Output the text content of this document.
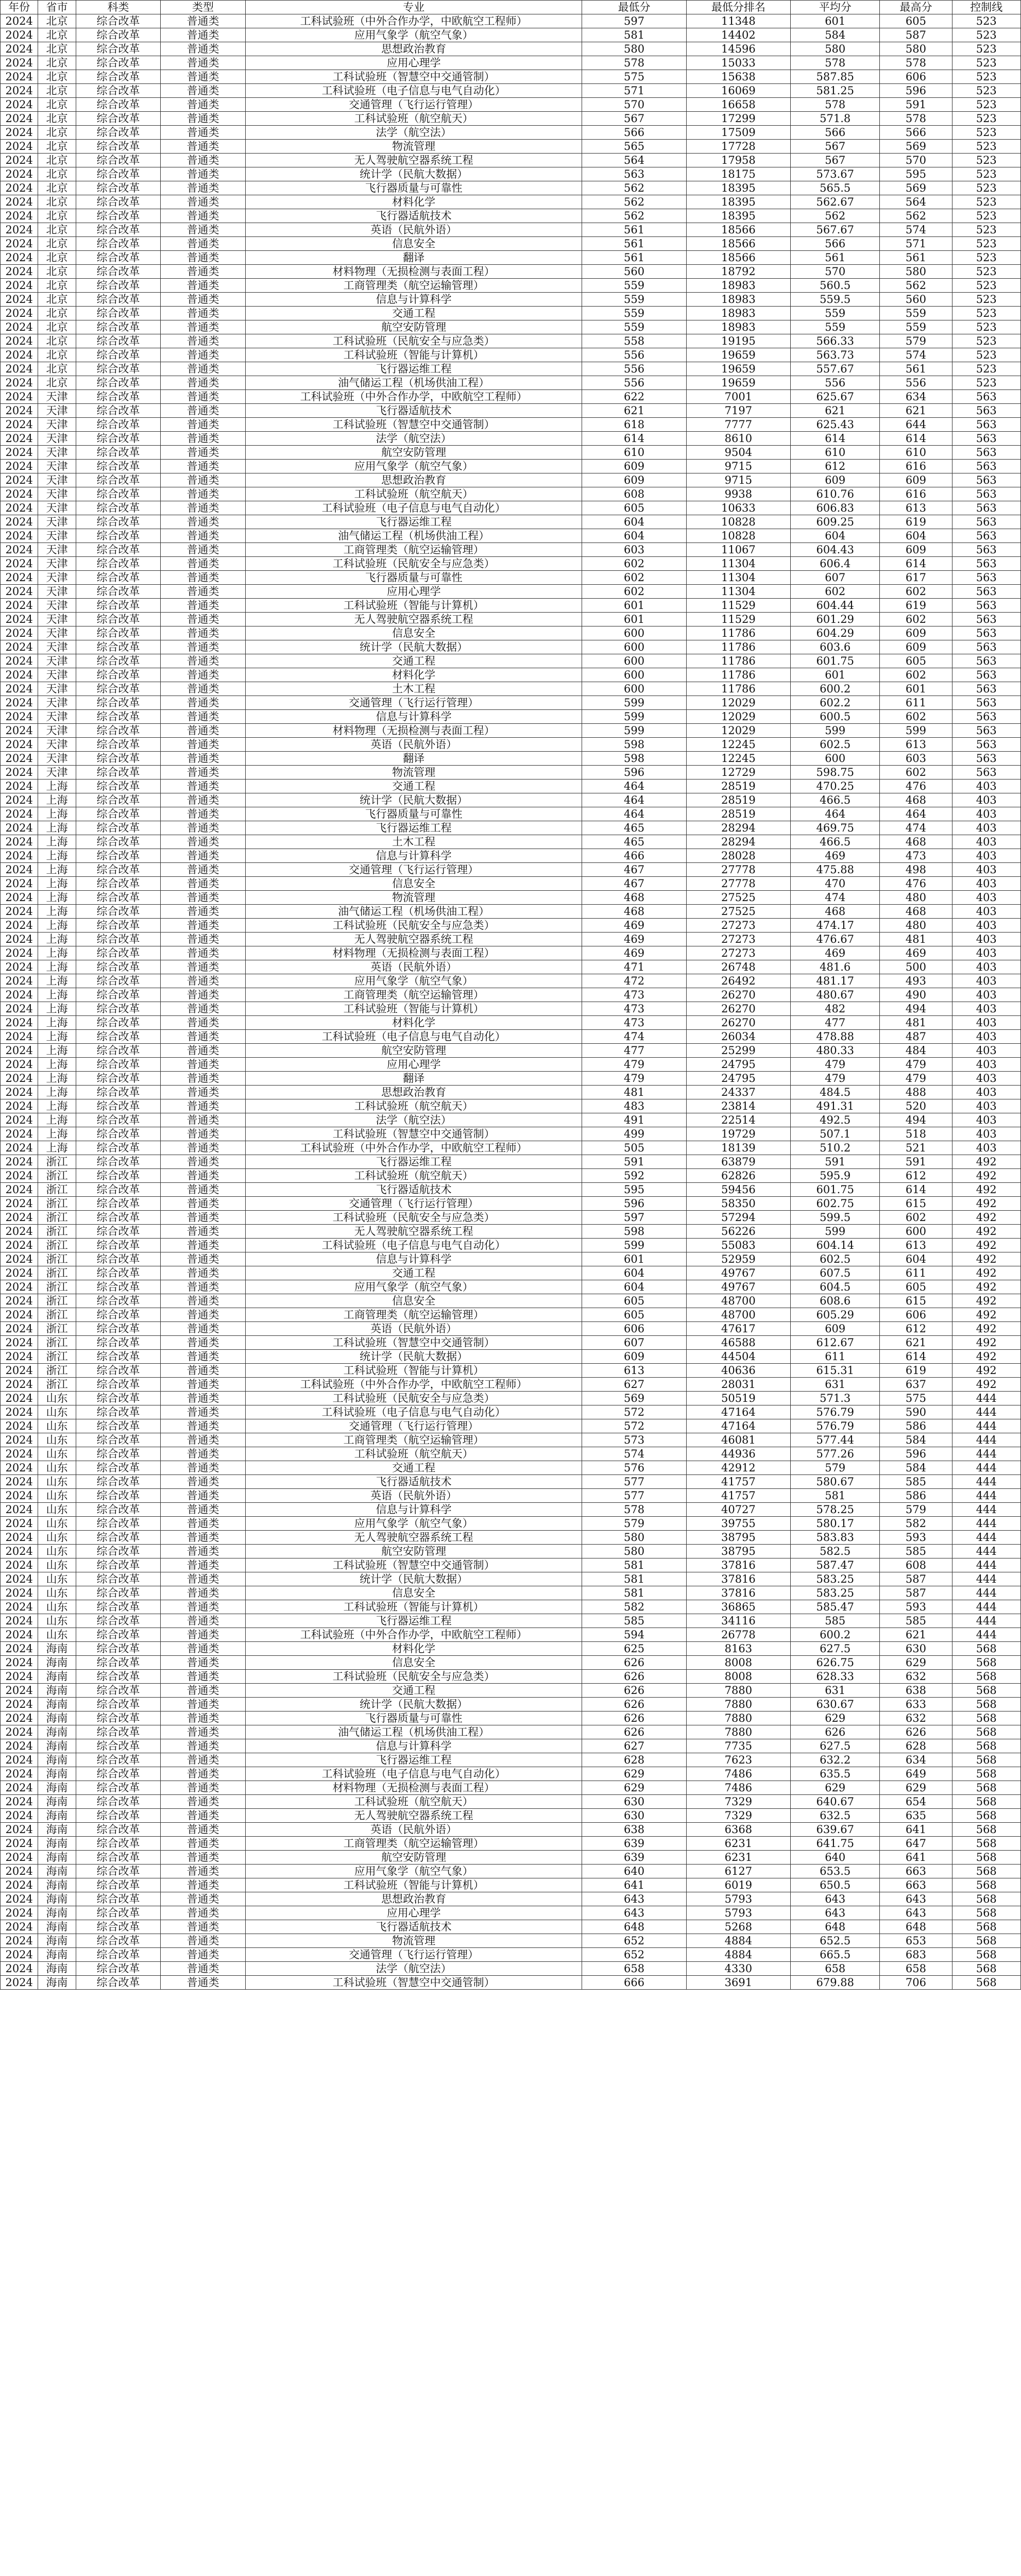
年份	省市	科类	类型	专业	最低分	最低分排名	平均分	最高分	控制线
2024	北京	综合改革	普通类	工科试验班（中外合作办学，中欧航空工程师）	597	11348	601	605	523
2024	北京	综合改革	普通类	应用气象学（航空气象）	581	14402	584	587	523
2024	北京	综合改革	普通类	思想政治教育	580	14596	580	580	523
2024	北京	综合改革	普通类	应用心理学	578	15033	578	578	523
2024	北京	综合改革	普通类	工科试验班（智慧空中交通管制）	575	15638	587.85	606	523
2024	北京	综合改革	普通类	工科试验班（电子信息与电气自动化）	571	16069	581.25	596	523
2024	北京	综合改革	普通类	交通管理（飞行运行管理）	570	16658	578	591	523
2024	北京	综合改革	普通类	工科试验班（航空航天）	567	17299	571.8	578	523
2024	北京	综合改革	普通类	法学（航空法）	566	17509	566	566	523
2024	北京	综合改革	普通类	物流管理	565	17728	567	569	523
2024	北京	综合改革	普通类	无人驾驶航空器系统工程	564	17958	567	570	523
2024	北京	综合改革	普通类	统计学（民航大数据）	563	18175	573.67	595	523
2024	北京	综合改革	普通类	飞行器质量与可靠性	562	18395	565.5	569	523
2024	北京	综合改革	普通类	材料化学	562	18395	562.67	564	523
2024	北京	综合改革	普通类	飞行器适航技术	562	18395	562	562	523
2024	北京	综合改革	普通类	英语（民航外语）	561	18566	567.67	574	523
2024	北京	综合改革	普通类	信息安全	561	18566	566	571	523
2024	北京	综合改革	普通类	翻译	561	18566	561	561	523
2024	北京	综合改革	普通类	材料物理（无损检测与表面工程）	560	18792	570	580	523
2024	北京	综合改革	普通类	工商管理类（航空运输管理）	559	18983	560.5	562	523
2024	北京	综合改革	普通类	信息与计算科学	559	18983	559.5	560	523
2024	北京	综合改革	普通类	交通工程	559	18983	559	559	523
2024	北京	综合改革	普通类	航空安防管理	559	18983	559	559	523
2024	北京	综合改革	普通类	工科试验班（民航安全与应急类）	558	19195	566.33	579	523
2024	北京	综合改革	普通类	工科试验班（智能与计算机）	556	19659	563.73	574	523
2024	北京	综合改革	普通类	飞行器运维工程	556	19659	557.67	561	523
2024	北京	综合改革	普通类	油气储运工程（机场供油工程）	556	19659	556	556	523
2024	天津	综合改革	普通类	工科试验班（中外合作办学，中欧航空工程师）	622	7001	625.67	634	563
2024	天津	综合改革	普通类	飞行器适航技术	621	7197	621	621	563
2024	天津	综合改革	普通类	工科试验班（智慧空中交通管制）	618	7777	625.43	644	563
2024	天津	综合改革	普通类	法学（航空法）	614	8610	614	614	563
2024	天津	综合改革	普通类	航空安防管理	610	9504	610	610	563
2024	天津	综合改革	普通类	应用气象学（航空气象）	609	9715	612	616	563
2024	天津	综合改革	普通类	思想政治教育	609	9715	609	609	563
2024	天津	综合改革	普通类	工科试验班（航空航天）	608	9938	610.76	616	563
2024	天津	综合改革	普通类	工科试验班（电子信息与电气自动化）	605	10633	606.83	613	563
2024	天津	综合改革	普通类	飞行器运维工程	604	10828	609.25	619	563
2024	天津	综合改革	普通类	油气储运工程（机场供油工程）	604	10828	604	604	563
2024	天津	综合改革	普通类	工商管理类（航空运输管理）	603	11067	604.43	609	563
2024	天津	综合改革	普通类	工科试验班（民航安全与应急类）	602	11304	606.4	614	563
2024	天津	综合改革	普通类	飞行器质量与可靠性	602	11304	607	617	563
2024	天津	综合改革	普通类	应用心理学	602	11304	602	602	563
2024	天津	综合改革	普通类	工科试验班（智能与计算机）	601	11529	604.44	619	563
2024	天津	综合改革	普通类	无人驾驶航空器系统工程	601	11529	601.29	602	563
2024	天津	综合改革	普通类	信息安全	600	11786	604.29	609	563
2024	天津	综合改革	普通类	统计学（民航大数据）	600	11786	603.6	609	563
2024	天津	综合改革	普通类	交通工程	600	11786	601.75	605	563
2024	天津	综合改革	普通类	材料化学	600	11786	601	602	563
2024	天津	综合改革	普通类	土木工程	600	11786	600.2	601	563
2024	天津	综合改革	普通类	交通管理（飞行运行管理）	599	12029	602.2	611	563
2024	天津	综合改革	普通类	信息与计算科学	599	12029	600.5	602	563
2024	天津	综合改革	普通类	材料物理（无损检测与表面工程）	599	12029	599	599	563
2024	天津	综合改革	普通类	英语（民航外语）	598	12245	602.5	613	563
2024	天津	综合改革	普通类	翻译	598	12245	600	603	563
2024	天津	综合改革	普通类	物流管理	596	12729	598.75	602	563
2024	上海	综合改革	普通类	交通工程	464	28519	470.25	476	403
2024	上海	综合改革	普通类	统计学（民航大数据）	464	28519	466.5	468	403
2024	上海	综合改革	普通类	飞行器质量与可靠性	464	28519	464	464	403
2024	上海	综合改革	普通类	飞行器运维工程	465	28294	469.75	474	403
2024	上海	综合改革	普通类	土木工程	465	28294	466.5	468	403
2024	上海	综合改革	普通类	信息与计算科学	466	28028	469	473	403
2024	上海	综合改革	普通类	交通管理（飞行运行管理）	467	27778	475.88	498	403
2024	上海	综合改革	普通类	信息安全	467	27778	470	476	403
2024	上海	综合改革	普通类	物流管理	468	27525	474	480	403
2024	上海	综合改革	普通类	油气储运工程（机场供油工程）	468	27525	468	468	403
2024	上海	综合改革	普通类	工科试验班（民航安全与应急类）	469	27273	474.17	480	403
2024	上海	综合改革	普通类	无人驾驶航空器系统工程	469	27273	476.67	481	403
2024	上海	综合改革	普通类	材料物理（无损检测与表面工程）	469	27273	469	469	403
2024	上海	综合改革	普通类	英语（民航外语）	471	26748	481.6	500	403
2024	上海	综合改革	普通类	应用气象学（航空气象）	472	26492	481.17	493	403
2024	上海	综合改革	普通类	工商管理类（航空运输管理）	473	26270	480.67	490	403
2024	上海	综合改革	普通类	工科试验班（智能与计算机）	473	26270	482	494	403
2024	上海	综合改革	普通类	材料化学	473	26270	477	481	403
2024	上海	综合改革	普通类	工科试验班（电子信息与电气自动化）	474	26034	478.88	487	403
2024	上海	综合改革	普通类	航空安防管理	477	25299	480.33	484	403
2024	上海	综合改革	普通类	应用心理学	479	24795	479	479	403
2024	上海	综合改革	普通类	翻译	479	24795	479	479	403
2024	上海	综合改革	普通类	思想政治教育	481	24337	484.5	488	403
2024	上海	综合改革	普通类	工科试验班（航空航天）	483	23814	491.31	520	403
2024	上海	综合改革	普通类	法学（航空法）	491	22514	492.5	494	403
2024	上海	综合改革	普通类	工科试验班（智慧空中交通管制）	499	19729	507.1	518	403
2024	上海	综合改革	普通类	工科试验班（中外合作办学，中欧航空工程师）	505	18139	510.2	521	403
2024	浙江	综合改革	普通类	飞行器运维工程	591	63879	591	591	492
2024	浙江	综合改革	普通类	工科试验班（航空航天）	592	62826	595.9	612	492
2024	浙江	综合改革	普通类	飞行器适航技术	595	59456	601.75	614	492
2024	浙江	综合改革	普通类	交通管理（飞行运行管理）	596	58350	602.75	615	492
2024	浙江	综合改革	普通类	工科试验班（民航安全与应急类）	597	57294	599.5	602	492
2024	浙江	综合改革	普通类	无人驾驶航空器系统工程	598	56226	599	600	492
2024	浙江	综合改革	普通类	工科试验班（电子信息与电气自动化）	599	55083	604.14	613	492
2024	浙江	综合改革	普通类	信息与计算科学	601	52959	602.5	604	492
2024	浙江	综合改革	普通类	交通工程	604	49767	607.5	611	492
2024	浙江	综合改革	普通类	应用气象学（航空气象）	604	49767	604.5	605	492
2024	浙江	综合改革	普通类	信息安全	605	48700	608.6	615	492
2024	浙江	综合改革	普通类	工商管理类（航空运输管理）	605	48700	605.29	606	492
2024	浙江	综合改革	普通类	英语（民航外语）	606	47617	609	612	492
2024	浙江	综合改革	普通类	工科试验班（智慧空中交通管制）	607	46588	612.67	621	492
2024	浙江	综合改革	普通类	统计学（民航大数据）	609	44504	611	614	492
2024	浙江	综合改革	普通类	工科试验班（智能与计算机）	613	40636	615.31	619	492
2024	浙江	综合改革	普通类	工科试验班（中外合作办学，中欧航空工程师）	627	28031	631	637	492
2024	山东	综合改革	普通类	工科试验班（民航安全与应急类）	569	50519	571.3	575	444
2024	山东	综合改革	普通类	工科试验班（电子信息与电气自动化）	572	47164	576.79	590	444
2024	山东	综合改革	普通类	交通管理（飞行运行管理）	572	47164	576.79	586	444
2024	山东	综合改革	普通类	工商管理类（航空运输管理）	573	46081	577.44	584	444
2024	山东	综合改革	普通类	工科试验班（航空航天）	574	44936	577.26	596	444
2024	山东	综合改革	普通类	交通工程	576	42912	579	584	444
2024	山东	综合改革	普通类	飞行器适航技术	577	41757	580.67	585	444
2024	山东	综合改革	普通类	英语（民航外语）	577	41757	581	586	444
2024	山东	综合改革	普通类	信息与计算科学	578	40727	578.25	579	444
2024	山东	综合改革	普通类	应用气象学（航空气象）	579	39755	580.17	582	444
2024	山东	综合改革	普通类	无人驾驶航空器系统工程	580	38795	583.83	593	444
2024	山东	综合改革	普通类	航空安防管理	580	38795	582.5	585	444
2024	山东	综合改革	普通类	工科试验班（智慧空中交通管制）	581	37816	587.47	608	444
2024	山东	综合改革	普通类	统计学（民航大数据）	581	37816	583.25	587	444
2024	山东	综合改革	普通类	信息安全	581	37816	583.25	587	444
2024	山东	综合改革	普通类	工科试验班（智能与计算机）	582	36865	585.47	593	444
2024	山东	综合改革	普通类	飞行器运维工程	585	34116	585	585	444
2024	山东	综合改革	普通类	工科试验班（中外合作办学，中欧航空工程师）	594	26778	600.2	621	444
2024	海南	综合改革	普通类	材料化学	625	8163	627.5	630	568
2024	海南	综合改革	普通类	信息安全	626	8008	626.75	629	568
2024	海南	综合改革	普通类	工科试验班（民航安全与应急类）	626	8008	628.33	632	568
2024	海南	综合改革	普通类	交通工程	626	7880	631	638	568
2024	海南	综合改革	普通类	统计学（民航大数据）	626	7880	630.67	633	568
2024	海南	综合改革	普通类	飞行器质量与可靠性	626	7880	629	632	568
2024	海南	综合改革	普通类	油气储运工程（机场供油工程）	626	7880	626	626	568
2024	海南	综合改革	普通类	信息与计算科学	627	7735	627.5	628	568
2024	海南	综合改革	普通类	飞行器运维工程	628	7623	632.2	634	568
2024	海南	综合改革	普通类	工科试验班（电子信息与电气自动化）	629	7486	635.5	649	568
2024	海南	综合改革	普通类	材料物理（无损检测与表面工程）	629	7486	629	629	568
2024	海南	综合改革	普通类	工科试验班（航空航天）	630	7329	640.67	654	568
2024	海南	综合改革	普通类	无人驾驶航空器系统工程	630	7329	632.5	635	568
2024	海南	综合改革	普通类	英语（民航外语）	638	6368	639.67	641	568
2024	海南	综合改革	普通类	工商管理类（航空运输管理）	639	6231	641.75	647	568
2024	海南	综合改革	普通类	航空安防管理	639	6231	640	641	568
2024	海南	综合改革	普通类	应用气象学（航空气象）	640	6127	653.5	663	568
2024	海南	综合改革	普通类	工科试验班（智能与计算机）	641	6019	650.5	663	568
2024	海南	综合改革	普通类	思想政治教育	643	5793	643	643	568
2024	海南	综合改革	普通类	应用心理学	643	5793	643	643	568
2024	海南	综合改革	普通类	飞行器适航技术	648	5268	648	648	568
2024	海南	综合改革	普通类	物流管理	652	4884	652.5	653	568
2024	海南	综合改革	普通类	交通管理（飞行运行管理）	652	4884	665.5	683	568
2024	海南	综合改革	普通类	法学（航空法）	658	4330	658	658	568
2024	海南	综合改革	普通类	工科试验班（智慧空中交通管制）	666	3691	679.88	706	568
